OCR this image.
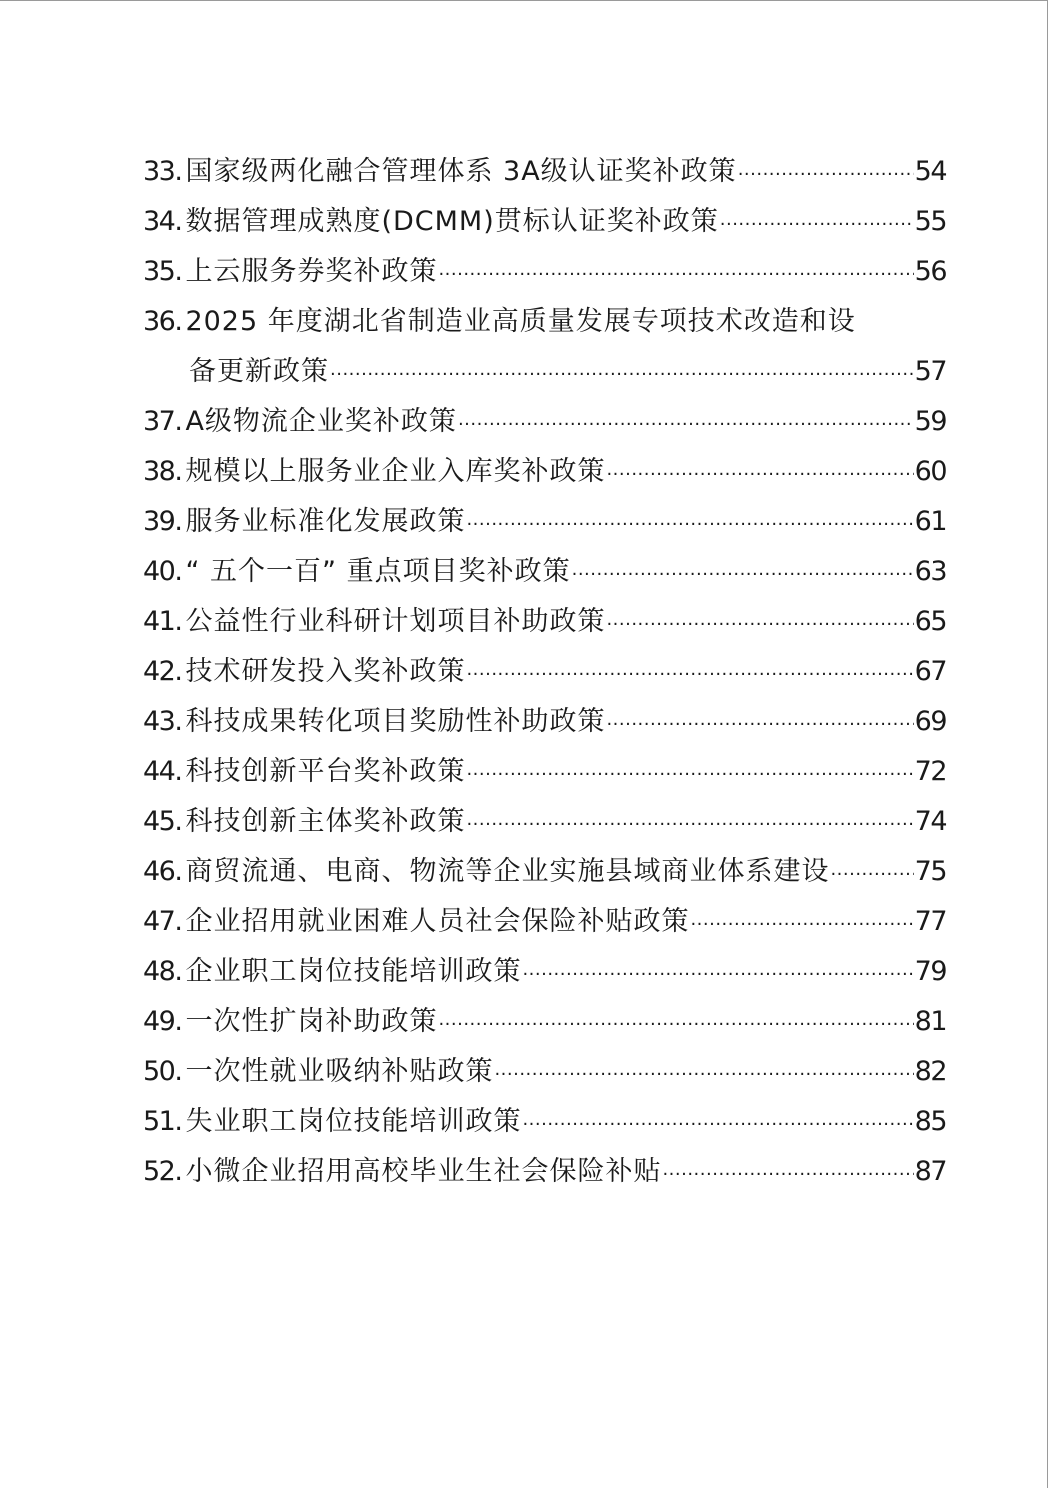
33. 国家级两化融合管理体系 3A级认证奖补政策 ·····	54
34. 数据管理成熟度(DCMM)贯标认证奖补政策 ·····	55
35. 上云服务券奖补政策 ·····	56
36. 2025 年度湖北省制造业高质量发展专项技术改造和设
备更新政策 ·····	57
37. A级物流企业奖补政策 ·····	59
38. 规模以上服务业企业入库奖补政策 ·····	60
39. 服务业标准化发展政策 ·····	61
40. “ 五个一百” 重点项目奖补政策 ·····	63
41. 公益性行业科研计划项目补助政策 ·····	65
42. 技术研发投入奖补政策 ·····	67
43. 科技成果转化项目奖励性补助政策 ·····	69
44. 科技创新平台奖补政策 ·····	72
45. 科技创新主体奖补政策 ·····	74
46. 商贸流通、电商、物流等企业实施县域商业体系建设 ·····	75
47. 企业招用就业困难人员社会保险补贴政策 ·····	77
48. 企业职工岗位技能培训政策 ·····	79
49. 一次性扩岗补助政策 ·····	81
50. 一次性就业吸纳补贴政策 ·····	82
51. 失业职工岗位技能培训政策 ·····	85
52. 小微企业招用高校毕业生社会保险补贴 ·····	87
